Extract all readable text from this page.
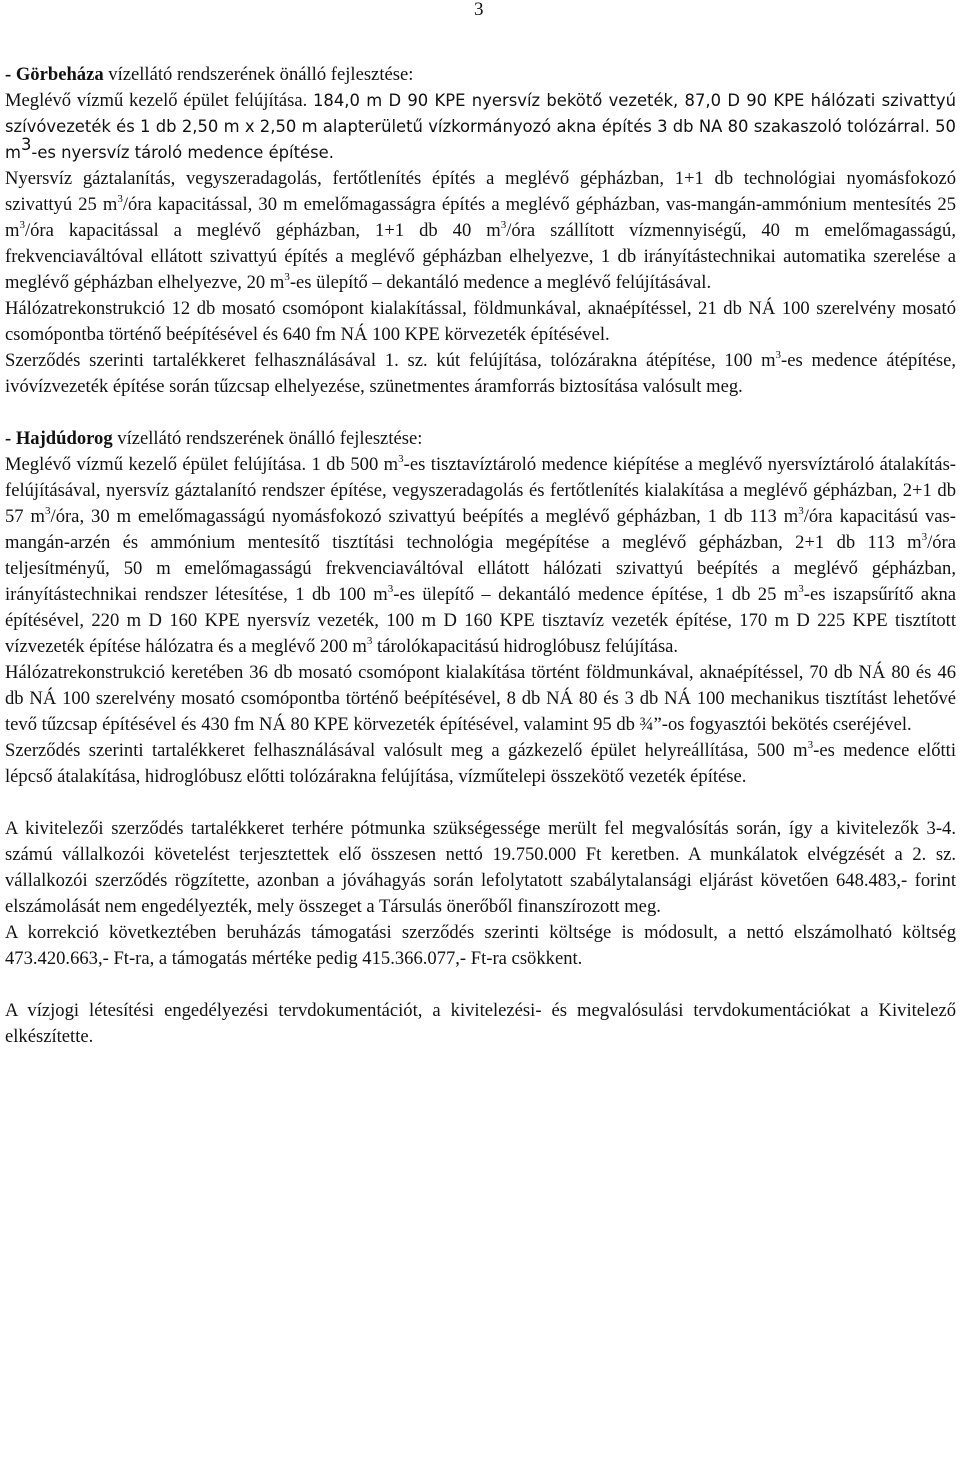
3

- Görbeháza vízellátó rendszerének önálló fejlesztése:

Meglévő vízmű kezelő épület felújítása. 184,0 m D 90 KPE nyersvíz bekötő vezeték, 87,0 D 90 KPE hálózati szivattyú szívóvezeték és 1 db 2,50 m x 2,50 m alapterületű vízkormányozó akna építés 3 db NA 80 szakaszoló tolózárral. 50 $m^3-es$ nyersvíz tároló medence építése.

Nyersvíz gáztalanítás, vegyszeradagolás, fertőtlenítés építés a meglévő gépházban, 1+1 db technológiai nyomásfokozó szivattyú 25 $m^3$/óra kapacitással, 30 m emelőmagasságra építés a meglévő gépházban, vas-mangán-ammónium mentesítés 25 $m^3$/óra kapacitással a meglévő gépházban, 1+1 db 40 $m^3$/óra szállított vízmennyiségű, 40 m emelőmagasságú, frekvenciaváltóval ellátott szivattyú építés a meglévő gépházban elhelyezve, 1 db irányítástechnikai automatika szerelése a meglévő gépházban elhelyezve, 20 $m^3-es$ ülepítő – dekantáló medence a meglévő felújításával.

Hálózatrekonstrukció 12 db mosató csomópont kialakítással, földmunkával, aknaépítéssel, 21 db NÁ 100 szerelvény mosató csomópontba történő beépítésével és 640 fm NÁ 100 KPE körvezeték építésével.

Szerződés szerinti tartalékkeret felhasználásával 1. sz. kút felújítása, tolózárakna átépítése, 100 $m^3-es$ medence átépítése, ivóvízvezeték építése során tűzcsap elhelyezése, szünetmentes áramforrás biztosítása valósult meg.

- Hajdúdorog vízellátó rendszerének önálló fejlesztése:

Meglévő vízmű kezelő épület felújítása. 1 db 500 $m^3-es$ tisztavíztároló medence kiépítése a meglévő nyersvíztároló átalakítás-felújításával, nyersvíz gáztalanító rendszer építése, vegyszeradagolás és fertőtlenítés kialakítása a meglévő gépházban, 2+1 db 57 $m^3$/óra, 30 m emelőmagasságú nyomásfokozó szivattyú beépítés a meglévő gépházban, 1 db 113 $m^3$/óra kapacitású vas-mangán-arzén és ammónium mentesítő tisztítási technológia megépítése a meglévő gépházban, 2+1 db 113 $m^3$/óra teljesítményű, 50 m emelőmagasságú frekvenciaváltóval ellátott hálózati szivattyú beépítés a meglévő gépházban, irányítástechnikai rendszer létesítése, 1 db 100 $m^3-es$ ülepítő – dekantáló medence építése, 1 db 25 $m^3-es$ iszapsűrítő akna építésével, 220 m D 160 KPE nyersvíz vezeték, 100 m D 160 KPE tisztavíz vezeték építése, 170 m D 225 KPE tisztított vízvezeték építése hálózatra és a meglévő 200 $m^3$ tárolókapacitású hidroglóbusz felújítása.

Hálózatrekonstrukció keretében 36 db mosató csomópont kialakítása történt földmunkával, aknaépítéssel, 70 db NÁ 80 és 46 db NÁ 100 szerelvény mosató csomópontba történő beépítésével, 8 db NÁ 80 és 3 db NÁ 100 mechanikus tisztítást lehetővé tevő tűzcsap építésével és 430 fm NÁ 80 KPE körvezeték építésével, valamint 95 db ¾”-os fogyasztói bekötés cseréjével.

Szerződés szerinti tartalékkeret felhasználásával valósult meg a gázkezelő épület helyreállítása, 500 $m^3-es$ medence előtti lépcső átalakítása, hidroglóbusz előtti tolózárakna felújítása, vízműtelepi összekötő vezeték építése.

A kivitelezői szerződés tartalékkeret terhére pótmunka szükségessége merült fel megvalósítás során, így a kivitelezők 3-4. számú vállalkozói követelést terjesztettek elő összesen nettó 19.750.000 Ft keretben. A munkálatok elvégzését a 2. sz. vállalkozói szerződés rögzítette, azonban a jóváhagyás során lefolytatott szabálytalansági eljárást követően 648.483,- forint elszámolását nem engedélyezték, mely összeget a Társulás önerőből finanszírozott meg.

A korrekció következtében beruházás támogatási szerződés szerinti költsége is módosult, a nettó elszámolható költség 473.420.663,- Ft-ra, a támogatás mértéke pedig 415.366.077,- Ft-ra csökkent.

A vízjogi létesítési engedélyezési tervdokumentációt, a kivitelezési- és megvalósulási tervdokumentációkat a Kivitelező elkészítette.
